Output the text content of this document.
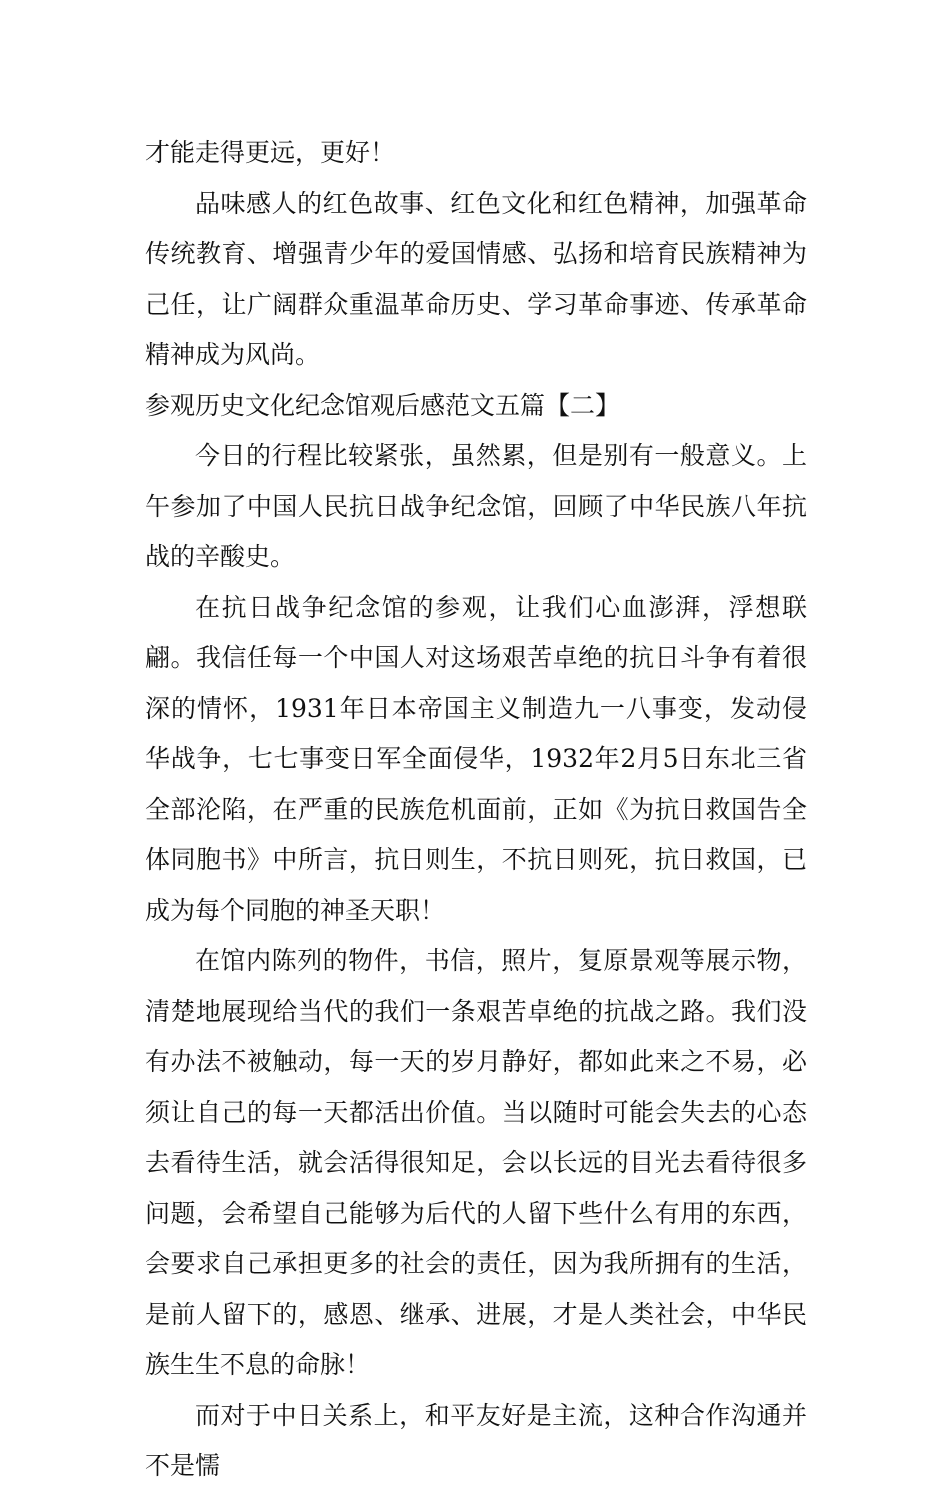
才能走得更远，更好！

品味感人的红色故事、红色文化和红色精神，加强革命传统教育、增强青少年的爱国情感、弘扬和培育民族精神为己任，让广阔群众重温革命历史、学习革命事迹、传承革命精神成为风尚。

参观历史文化纪念馆观后感范文五篇【二】

今日的行程比较紧张，虽然累，但是别有一般意义。上午参加了中国人民抗日战争纪念馆，回顾了中华民族八年抗战的辛酸史。

在抗日战争纪念馆的参观，让我们心血澎湃，浮想联翩。我信任每一个中国人对这场艰苦卓绝的抗日斗争有着很深的情怀，1931年日本帝国主义制造九一八事变，发动侵华战争，七七事变日军全面侵华，1932年2月5日东北三省全部沦陷，在严重的民族危机面前，正如《为抗日救国告全体同胞书》中所言，抗日则生，不抗日则死，抗日救国，已成为每个同胞的神圣天职！

在馆内陈列的物件，书信，照片，复原景观等展示物，清楚地展现给当代的我们一条艰苦卓绝的抗战之路。我们没有办法不被触动，每一天的岁月静好，都如此来之不易，必须让自己的每一天都活出价值。当以随时可能会失去的心态去看待生活，就会活得很知足，会以长远的目光去看待很多问题，会希望自己能够为后代的人留下些什么有用的东西，会要求自己承担更多的社会的责任，因为我所拥有的生活，是前人留下的，感恩、继承、进展，才是人类社会，中华民族生生不息的命脉！

而对于中日关系上，和平友好是主流，这种合作沟通并不是懦
